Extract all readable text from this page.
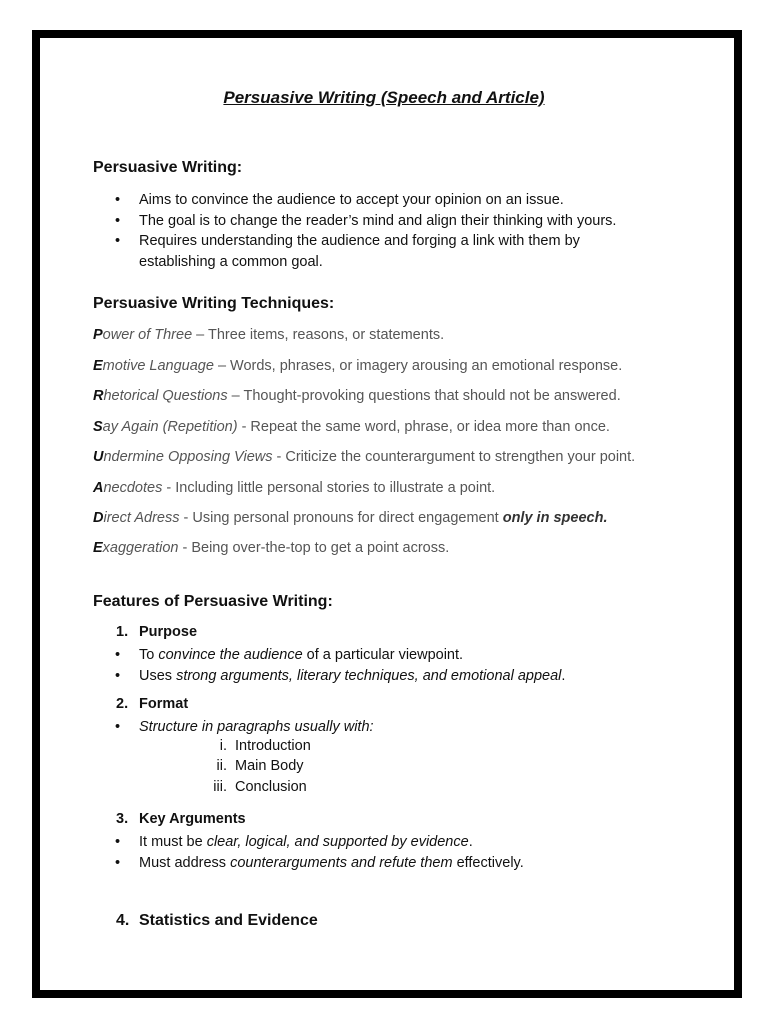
Persuasive Writing (Speech and Article)
Persuasive Writing:
• Aims to convince the audience to accept your opinion on an issue.
• The goal is to change the reader’s mind and align their thinking with yours.
• Requires understanding the audience and forging a link with them by
establishing a common goal.
Persuasive Writing Techniques:
Power of Three – Three items, reasons, or statements.
Emotive Language – Words, phrases, or imagery arousing an emotional response.
Rhetorical Questions – Thought-provoking questions that should not be answered.
Say Again (Repetition) - Repeat the same word, phrase, or idea more than once.
Undermine Opposing Views - Criticize the counterargument to strengthen your point.
Anecdotes - Including little personal stories to illustrate a point.
Direct Adress - Using personal pronouns for direct engagement only in speech.
Exaggeration - Being over-the-top to get a point across.
Features of Persuasive Writing:
1. Purpose
• To convince the audience of a particular viewpoint.
• Uses strong arguments, literary techniques, and emotional appeal.
2. Format
• Structure in paragraphs usually with:
i. Introduction
ii. Main Body
iii. Conclusion
3. Key Arguments
• It must be clear, logical, and supported by evidence.
• Must address counterarguments and refute them effectively.
4. Statistics and Evidence
